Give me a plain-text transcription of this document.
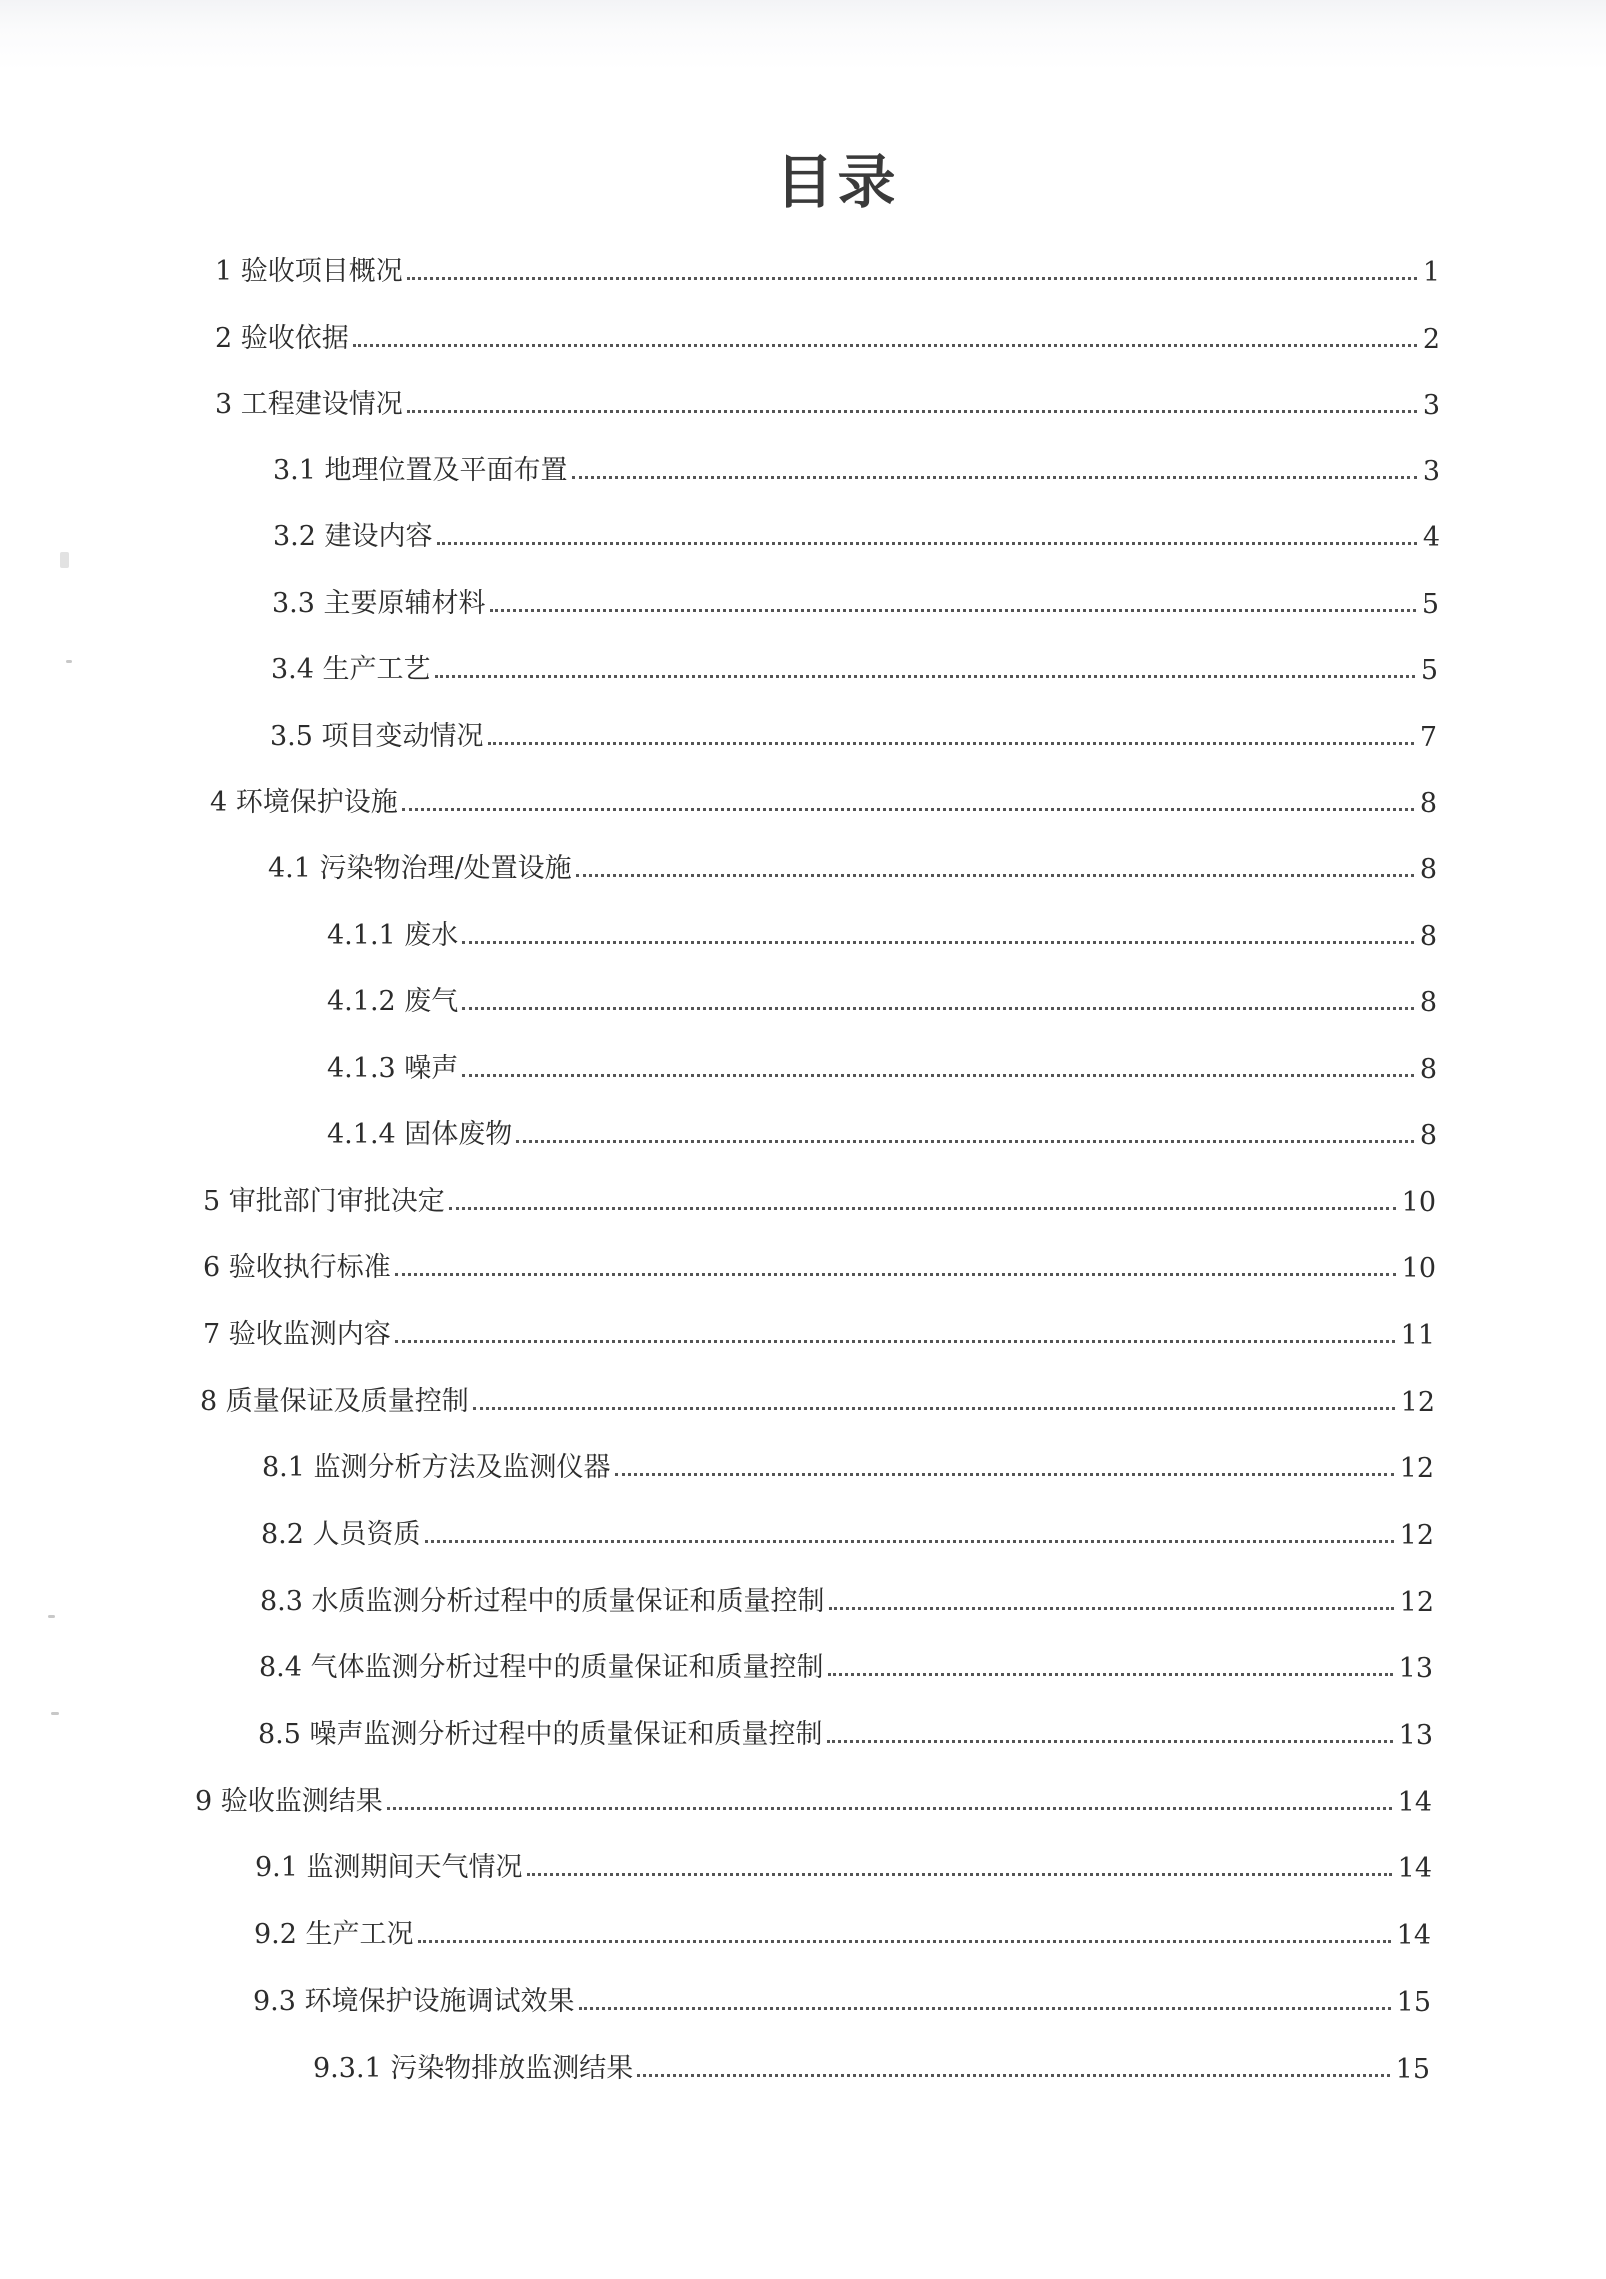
目录
1 验收项目概况	1
2 验收依据	2
3 工程建设情况	3
3.1 地理位置及平面布置	3
3.2 建设内容	4
3.3 主要原辅材料	5
3.4 生产工艺	5
3.5 项目变动情况	7
4 环境保护设施	8
4.1 污染物治理/处置设施	8
4.1.1 废水	8
4.1.2 废气	8
4.1.3 噪声	8
4.1.4 固体废物	8
5 审批部门审批决定	10
6 验收执行标准	10
7 验收监测内容	11
8 质量保证及质量控制	12
8.1 监测分析方法及监测仪器	12
8.2 人员资质	12
8.3 水质监测分析过程中的质量保证和质量控制	12
8.4 气体监测分析过程中的质量保证和质量控制	13
8.5 噪声监测分析过程中的质量保证和质量控制	13
9 验收监测结果	14
9.1 监测期间天气情况	14
9.2 生产工况	14
9.3 环境保护设施调试效果	15
9.3.1 污染物排放监测结果	15
